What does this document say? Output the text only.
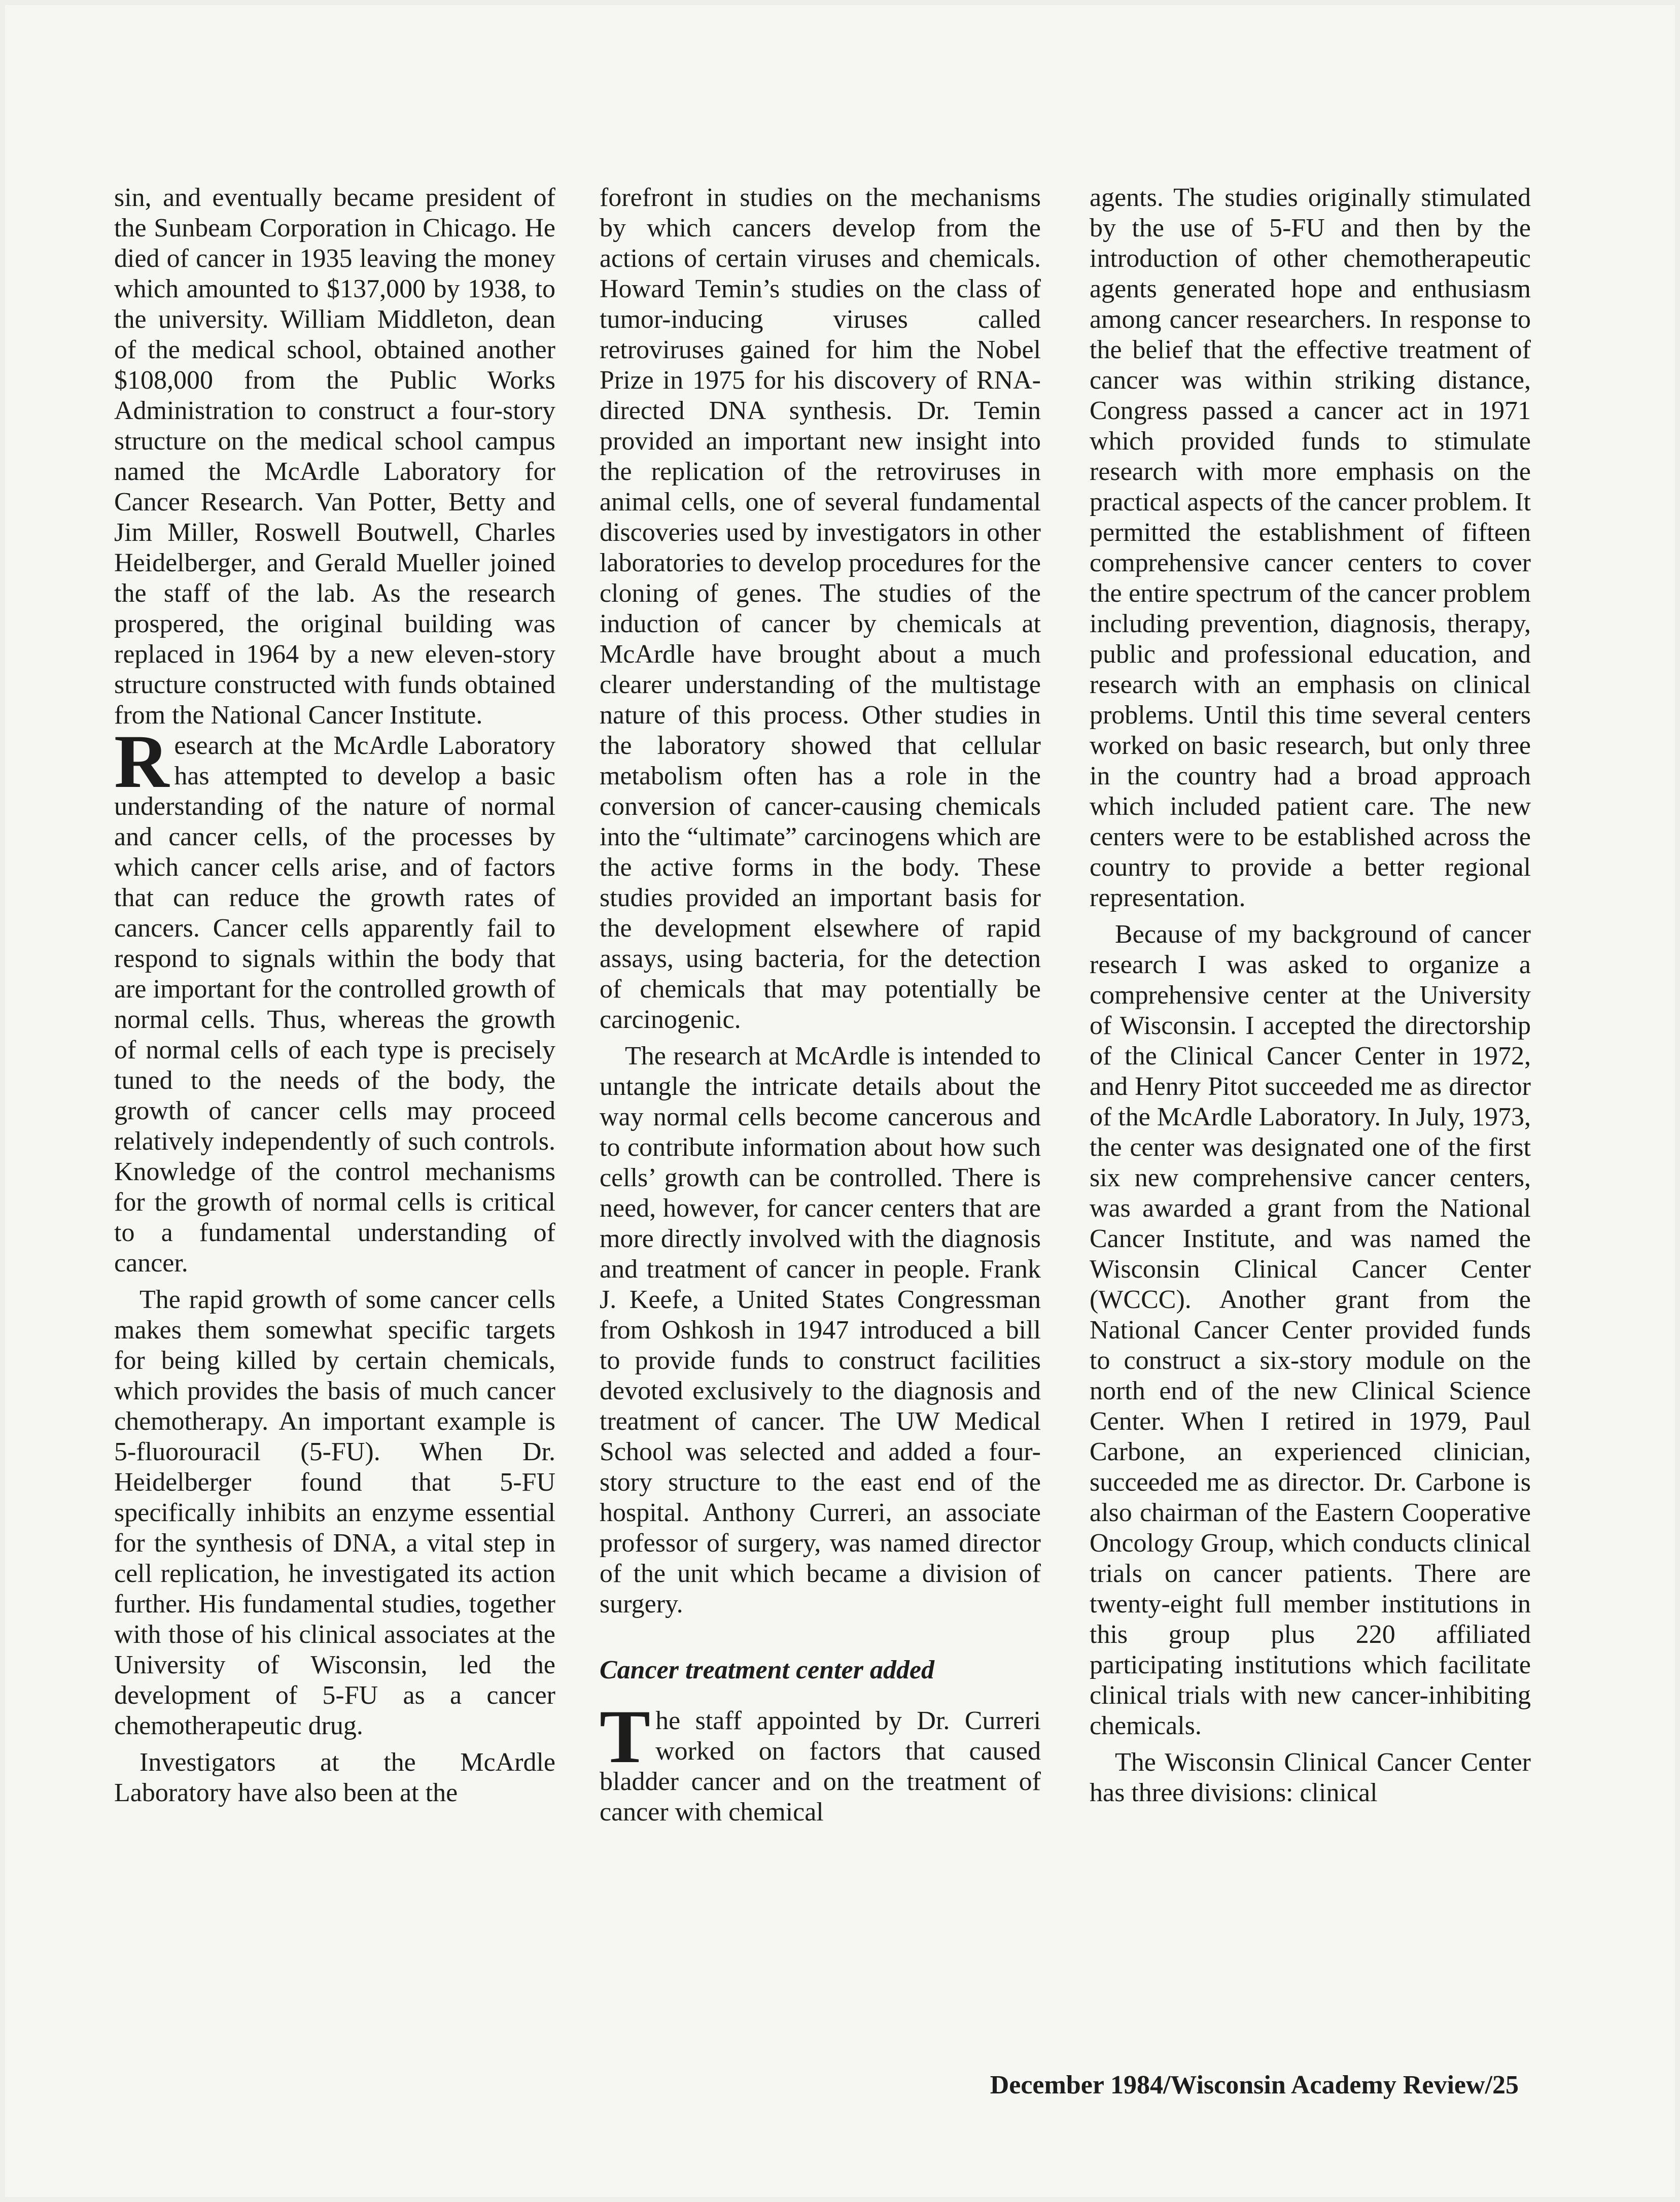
sin, and eventually became president of the Sunbeam Corporation in Chicago. He died of cancer in 1935 leaving the money which amounted to $137,000 by 1938, to the university. William Middleton, dean of the medical school, obtained another $108,000 from the Public Works Administration to construct a four-story structure on the medical school campus named the McArdle Laboratory for Cancer Research. Van Potter, Betty and Jim Miller, Roswell Boutwell, Charles Heidelberger, and Gerald Mueller joined the staff of the lab. As the research prospered, the original building was replaced in 1964 by a new eleven-story structure constructed with funds obtained from the National Cancer Institute.

Research at the McArdle Laboratory has attempted to develop a basic understanding of the nature of normal and cancer cells, of the processes by which cancer cells arise, and of factors that can reduce the growth rates of cancers. Cancer cells apparently fail to respond to signals within the body that are important for the controlled growth of normal cells. Thus, whereas the growth of normal cells of each type is precisely tuned to the needs of the body, the growth of cancer cells may proceed relatively independently of such controls. Knowledge of the control mechanisms for the growth of normal cells is critical to a fundamental understanding of cancer.

The rapid growth of some cancer cells makes them somewhat specific targets for being killed by certain chemicals, which provides the basis of much cancer chemotherapy. An important example is 5-fluorouracil (5-FU). When Dr. Heidelberger found that 5-FU specifically inhibits an enzyme essential for the synthesis of DNA, a vital step in cell replication, he investigated its action further. His fundamental studies, together with those of his clinical associates at the University of Wisconsin, led the development of 5-FU as a cancer chemotherapeutic drug.

Investigators at the McArdle Laboratory have also been at the

forefront in studies on the mechanisms by which cancers develop from the actions of certain viruses and chemicals. Howard Temin’s studies on the class of tumor-inducing viruses called retroviruses gained for him the Nobel Prize in 1975 for his discovery of RNA-directed DNA synthesis. Dr. Temin provided an important new insight into the replication of the retroviruses in animal cells, one of several fundamental discoveries used by investigators in other laboratories to develop procedures for the cloning of genes. The studies of the induction of cancer by chemicals at McArdle have brought about a much clearer understanding of the multistage nature of this process. Other studies in the laboratory showed that cellular metabolism often has a role in the conversion of cancer-causing chemicals into the “ultimate” carcinogens which are the active forms in the body. These studies provided an important basis for the development elsewhere of rapid assays, using bacteria, for the detection of chemicals that may potentially be carcinogenic.

The research at McArdle is intended to untangle the intricate details about the way normal cells become cancerous and to contribute information about how such cells’ growth can be controlled. There is need, however, for cancer centers that are more directly involved with the diagnosis and treatment of cancer in people. Frank J. Keefe, a United States Congressman from Oshkosh in 1947 introduced a bill to provide funds to construct facilities devoted exclusively to the diagnosis and treatment of cancer. The UW Medical School was selected and added a four-story structure to the east end of the hospital. Anthony Curreri, an associate professor of surgery, was named director of the unit which became a division of surgery.

Cancer treatment center added

The staff appointed by Dr. Curreri worked on factors that caused bladder cancer and on the treatment of cancer with chemical

agents. The studies originally stimulated by the use of 5-FU and then by the introduction of other chemotherapeutic agents generated hope and enthusiasm among cancer researchers. In response to the belief that the effective treatment of cancer was within striking distance, Congress passed a cancer act in 1971 which provided funds to stimulate research with more emphasis on the practical aspects of the cancer problem. It permitted the establishment of fifteen comprehensive cancer centers to cover the entire spectrum of the cancer problem including prevention, diagnosis, therapy, public and professional education, and research with an emphasis on clinical problems. Until this time several centers worked on basic research, but only three in the country had a broad approach which included patient care. The new centers were to be established across the country to provide a better regional representation.

Because of my background of cancer research I was asked to organize a comprehensive center at the University of Wisconsin. I accepted the directorship of the Clinical Cancer Center in 1972, and Henry Pitot succeeded me as director of the McArdle Laboratory. In July, 1973, the center was designated one of the first six new comprehensive cancer centers, was awarded a grant from the National Cancer Institute, and was named the Wisconsin Clinical Cancer Center (WCCC). Another grant from the National Cancer Center provided funds to construct a six-story module on the north end of the new Clinical Science Center. When I retired in 1979, Paul Carbone, an experienced clinician, succeeded me as director. Dr. Carbone is also chairman of the Eastern Cooperative Oncology Group, which conducts clinical trials on cancer patients. There are twenty-eight full member institutions in this group plus 220 affiliated participating institutions which facilitate clinical trials with new cancer-inhibiting chemicals.

The Wisconsin Clinical Cancer Center has three divisions: clinical

December 1984/Wisconsin Academy Review/25
